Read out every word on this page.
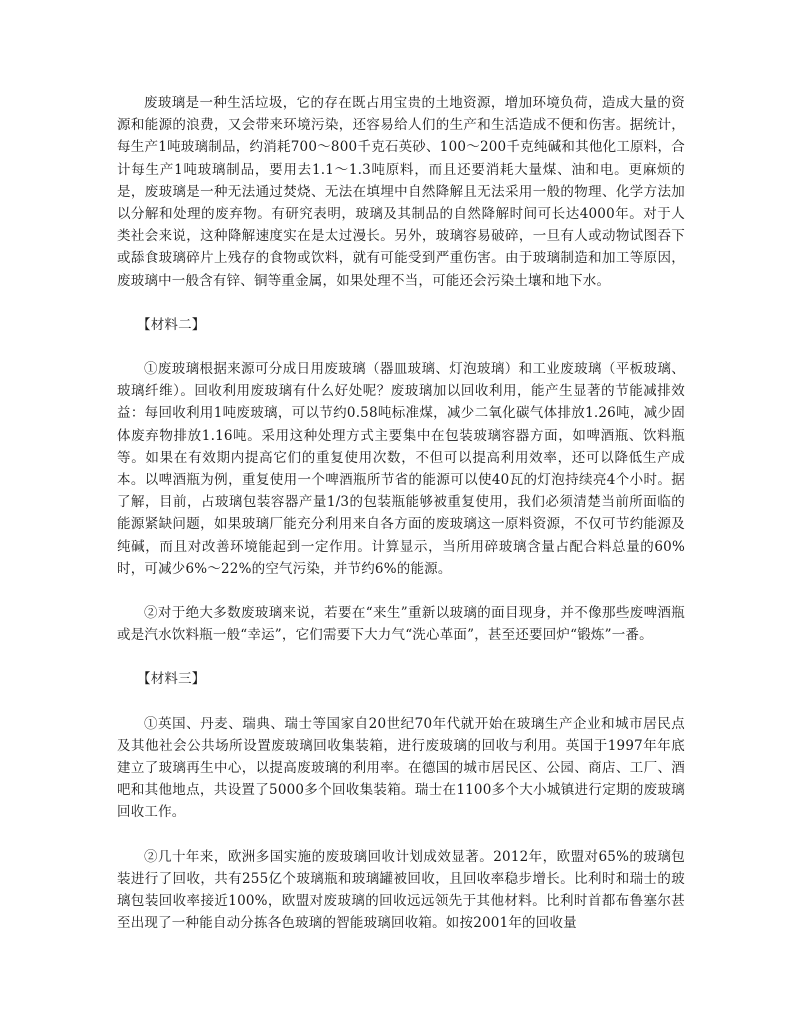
废玻璃是一种生活垃圾，它的存在既占用宝贵的土地资源，增加环境负荷，造成大量的资源和能源的浪费，又会带来环境污染，还容易给人们的生产和生活造成不便和伤害。据统计，每生产1吨玻璃制品，约消耗700～800千克石英砂、100～200千克纯碱和其他化工原料，合计每生产1吨玻璃制品，要用去1.1～1.3吨原料，而且还要消耗大量煤、油和电。更麻烦的是，废玻璃是一种无法通过焚烧、无法在填埋中自然降解且无法采用一般的物理、化学方法加以分解和处理的废弃物。有研究表明，玻璃及其制品的自然降解时间可长达4000年。对于人类社会来说，这种降解速度实在是太过漫长。另外，玻璃容易破碎，一旦有人或动物试图吞下或舔食玻璃碎片上残存的食物或饮料，就有可能受到严重伤害。由于玻璃制造和加工等原因，废玻璃中一般含有锌、铜等重金属，如果处理不当，可能还会污染土壤和地下水。

【材料二】

①废玻璃根据来源可分成日用废玻璃（器皿玻璃、灯泡玻璃）和工业废玻璃（平板玻璃、玻璃纤维）。回收利用废玻璃有什么好处呢？废玻璃加以回收利用，能产生显著的节能减排效益：每回收利用1吨废玻璃，可以节约0.58吨标准煤，减少二氧化碳气体排放1.26吨，减少固体废弃物排放1.16吨。采用这种处理方式主要集中在包装玻璃容器方面，如啤酒瓶、饮料瓶等。如果在有效期内提高它们的重复使用次数，不但可以提高利用效率，还可以降低生产成本。以啤酒瓶为例，重复使用一个啤酒瓶所节省的能源可以使40瓦的灯泡持续亮4个小时。据了解，目前，占玻璃包装容器产量1/3的包装瓶能够被重复使用，我们必须清楚当前所面临的能源紧缺问题，如果玻璃厂能充分利用来自各方面的废玻璃这一原料资源，不仅可节约能源及纯碱，而且对改善环境能起到一定作用。计算显示，当所用碎玻璃含量占配合料总量的60%时，可减少6%～22%的空气污染，并节约6%的能源。

②对于绝大多数废玻璃来说，若要在“来生”重新以玻璃的面目现身，并不像那些废啤酒瓶或是汽水饮料瓶一般“幸运”，它们需要下大力气“洗心革面”，甚至还要回炉“锻炼”一番。

【材料三】

①英国、丹麦、瑞典、瑞士等国家自20世纪70年代就开始在玻璃生产企业和城市居民点及其他社会公共场所设置废玻璃回收集装箱，进行废玻璃的回收与利用。英国于1997年年底建立了玻璃再生中心，以提高废玻璃的利用率。在德国的城市居民区、公园、商店、工厂、酒吧和其他地点，共设置了5000多个回收集装箱。瑞士在1100多个大小城镇进行定期的废玻璃回收工作。

②几十年来，欧洲多国实施的废玻璃回收计划成效显著。2012年，欧盟对65%的玻璃包装进行了回收，共有255亿个玻璃瓶和玻璃罐被回收，且回收率稳步增长。比利时和瑞士的玻璃包装回收率接近100%，欧盟对废玻璃的回收远远领先于其他材料。比利时首都布鲁塞尔甚至出现了一种能自动分拣各色玻璃的智能玻璃回收箱。如按2001年的回收量
